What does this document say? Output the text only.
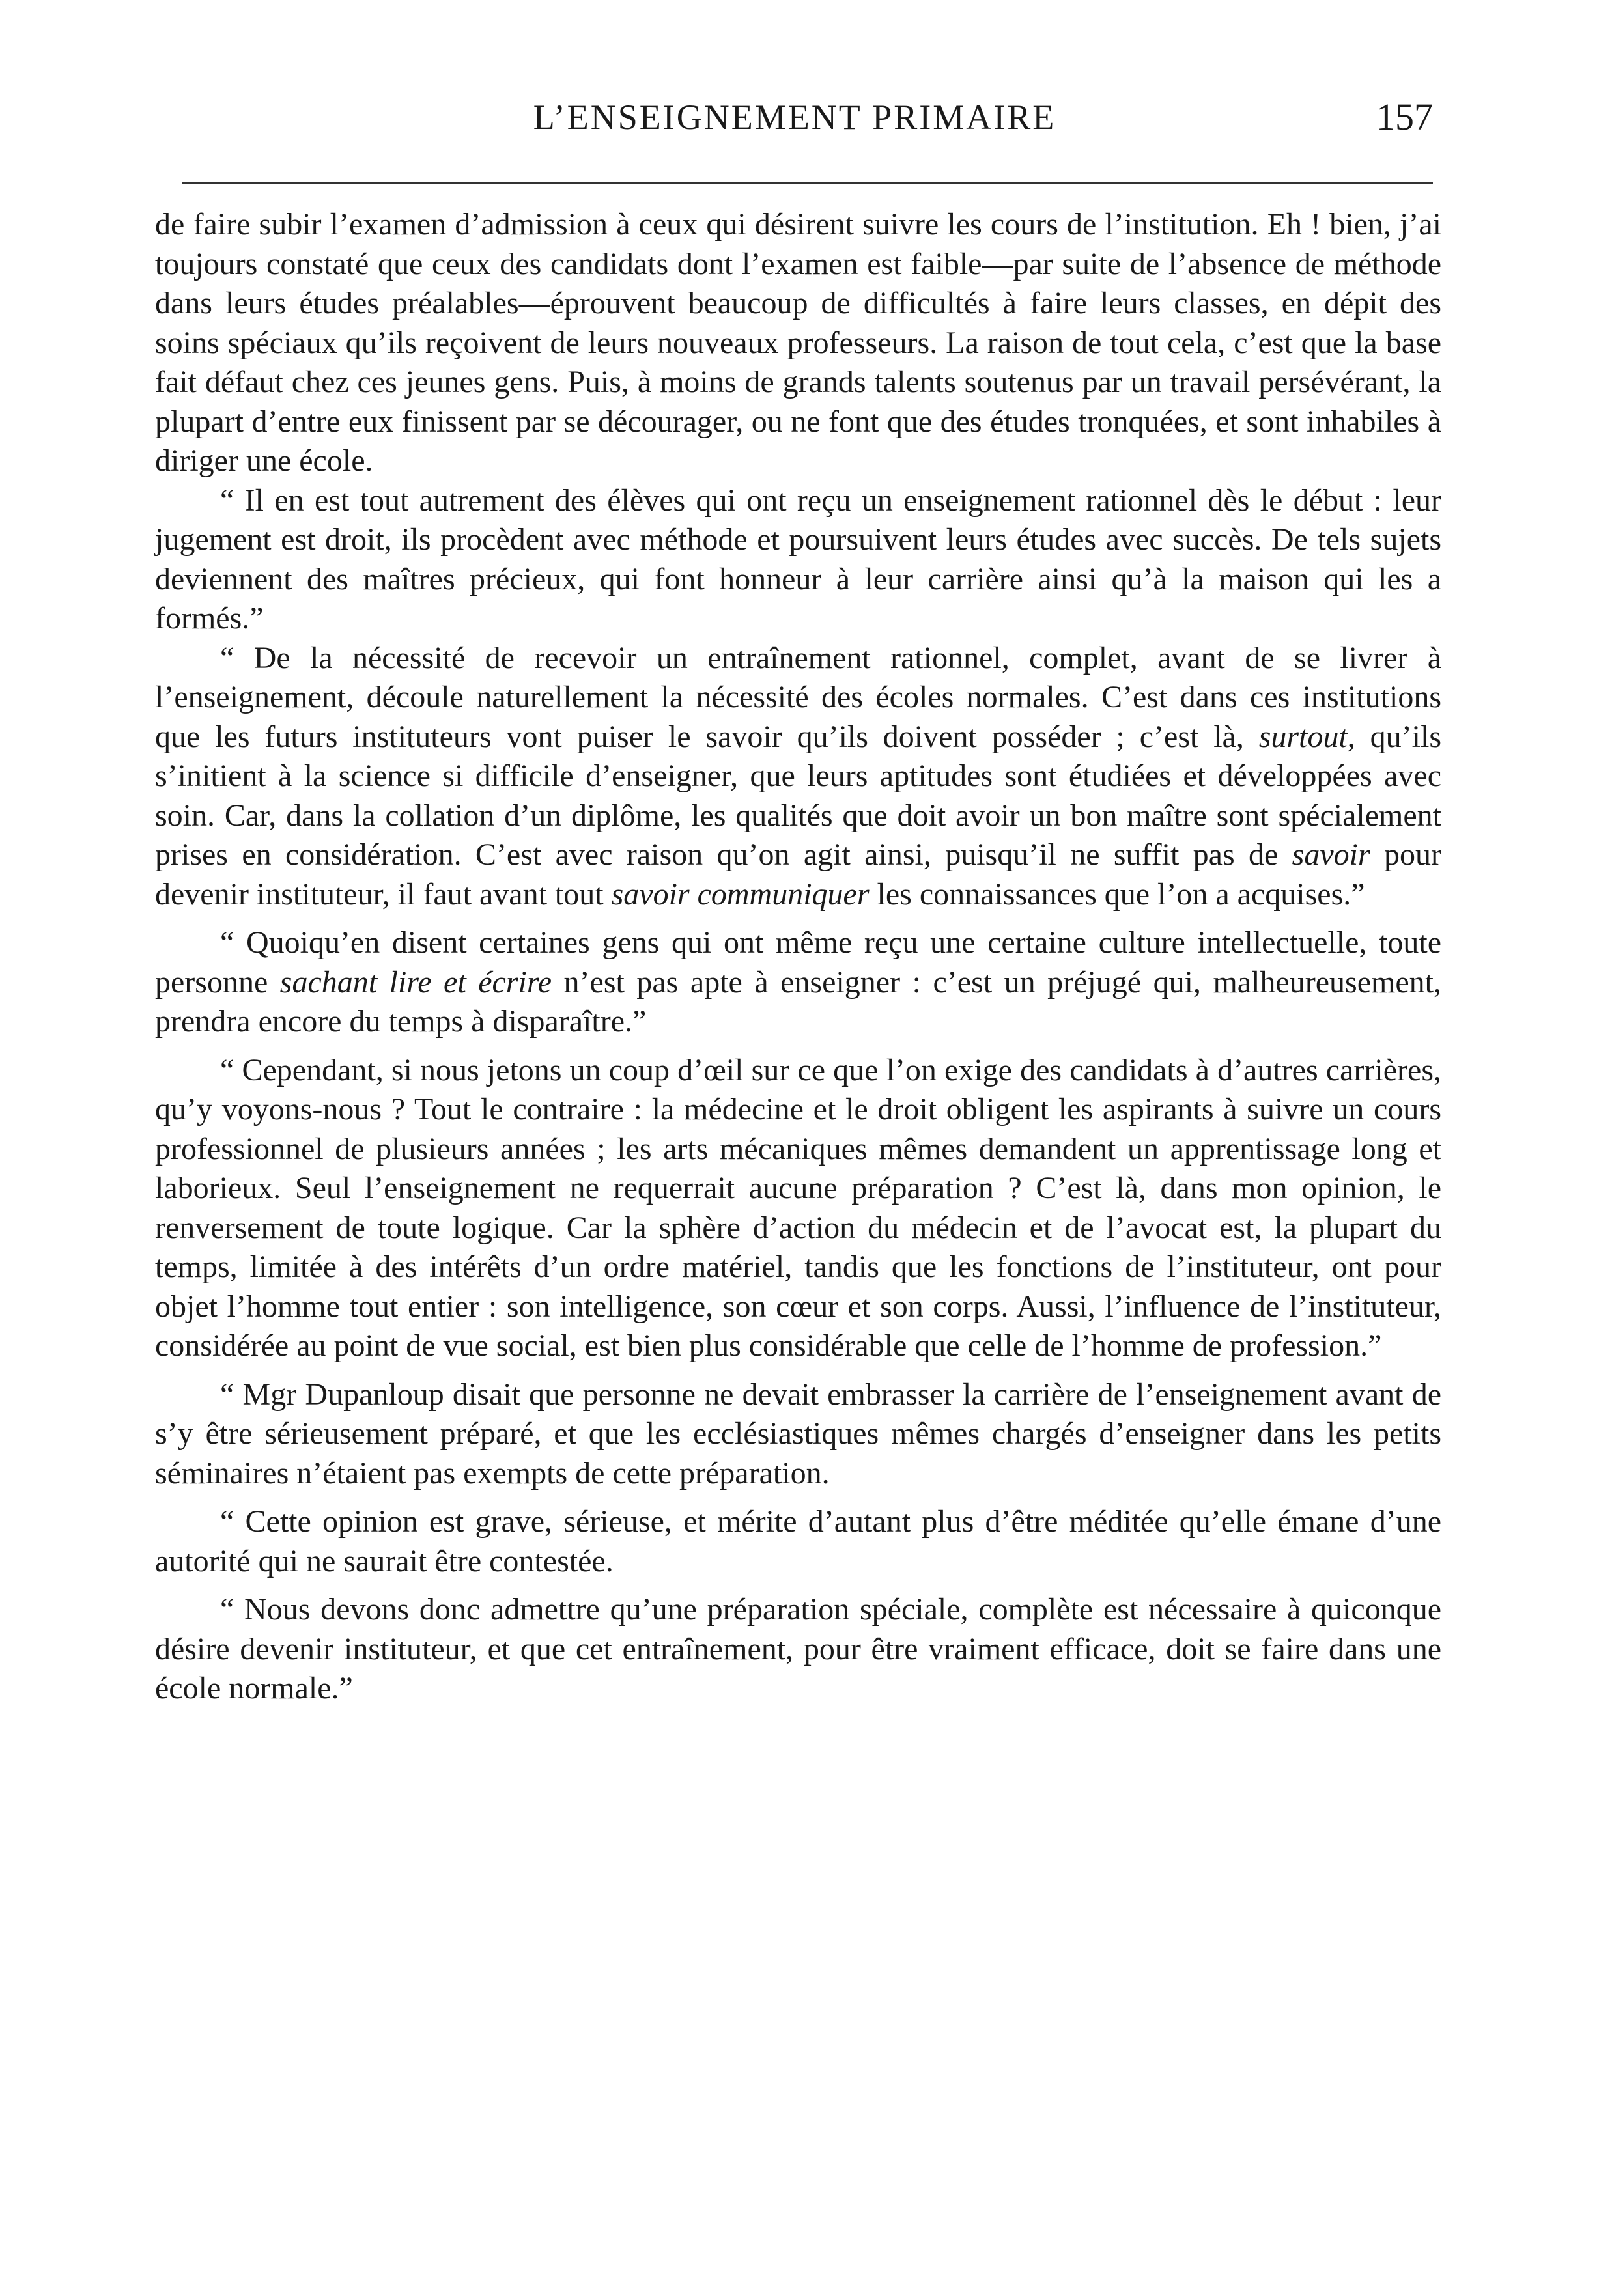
L’ENSEIGNEMENT PRIMAIRE	157

de faire subir l’examen d’admission à ceux qui désirent suivre les cours de l’institution. Eh ! bien, j’ai toujours constaté que ceux des candidats dont l’examen est faible—par suite de l’absence de méthode dans leurs études préalables—éprouvent beaucoup de difficultés à faire leurs classes, en dépit des soins spéciaux qu’ils reçoivent de leurs nouveaux professeurs. La raison de tout cela, c’est que la base fait défaut chez ces jeunes gens. Puis, à moins de grands talents soutenus par un travail persévérant, la plupart d’entre eux finissent par se décourager, ou ne font que des études tronquées, et sont inhabiles à diriger une école.

“ Il en est tout autrement des élèves qui ont reçu un enseignement rationnel dès le début : leur jugement est droit, ils procèdent avec méthode et poursuivent leurs études avec succès. De tels sujets deviennent des maîtres précieux, qui font honneur à leur carrière ainsi qu’à la maison qui les a formés.”

“ De la nécessité de recevoir un entraînement rationnel, complet, avant de se livrer à l’enseignement, découle naturellement la nécessité des écoles normales. C’est dans ces institutions que les futurs instituteurs vont puiser le savoir qu’ils doivent posséder ; c’est là, surtout, qu’ils s’initient à la science si difficile d’enseigner, que leurs aptitudes sont étudiées et développées avec soin. Car, dans la collation d’un diplôme, les qualités que doit avoir un bon maître sont spécialement prises en considération. C’est avec raison qu’on agit ainsi, puisqu’il ne suffit pas de savoir pour devenir instituteur, il faut avant tout savoir communiquer les connaissances que l’on a acquises.”

“ Quoiqu’en disent certaines gens qui ont même reçu une certaine culture intellectuelle, toute personne sachant lire et écrire n’est pas apte à enseigner : c’est un préjugé qui, malheureusement, prendra encore du temps à disparaître.”

“ Cependant, si nous jetons un coup d’œil sur ce que l’on exige des candidats à d’autres carrières, qu’y voyons-nous ? Tout le contraire : la médecine et le droit obligent les aspirants à suivre un cours professionnel de plusieurs années ; les arts mécaniques mêmes demandent un apprentissage long et laborieux. Seul l’enseignement ne requerrait aucune préparation ? C’est là, dans mon opinion, le renversement de toute logique. Car la sphère d’action du médecin et de l’avocat est, la plupart du temps, limitée à des intérêts d’un ordre matériel, tandis que les fonctions de l’instituteur, ont pour objet l’homme tout entier : son intelligence, son cœur et son corps. Aussi, l’influence de l’instituteur, considérée au point de vue social, est bien plus considérable que celle de l’homme de profession.”

“ Mgr Dupanloup disait que personne ne devait embrasser la carrière de l’enseignement avant de s’y être sérieusement préparé, et que les ecclésiastiques mêmes chargés d’enseigner dans les petits séminaires n’étaient pas exempts de cette préparation.

“ Cette opinion est grave, sérieuse, et mérite d’autant plus d’être méditée qu’elle émane d’une autorité qui ne saurait être contestée.

“ Nous devons donc admettre qu’une préparation spéciale, complète est nécessaire à quiconque désire devenir instituteur, et que cet entraînement, pour être vraiment efficace, doit se faire dans une école normale.”
